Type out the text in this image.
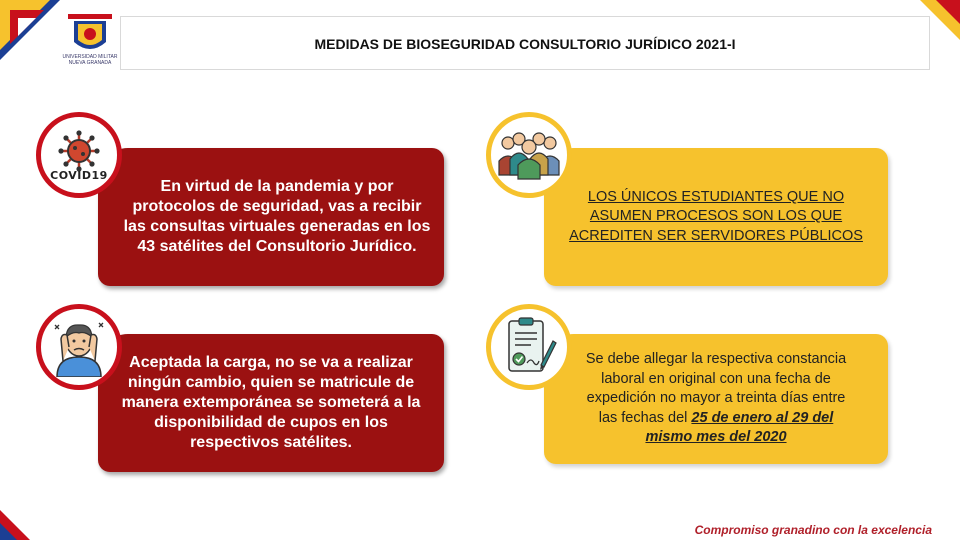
UNIVERSIDAD MILITAR
NUEVA GRANADA
MEDIDAS DE BIOSEGURIDAD CONSULTORIO JURÍDICO 2021-I
En virtud de la pandemia y por protocolos de seguridad, vas a recibir las consultas virtuales generadas en los 43 satélites del Consultorio Jurídico.
COVID19
LOS ÚNICOS ESTUDIANTES QUE NO ASUMEN PROCESOS SON LOS QUE ACREDITEN SER SERVIDORES PÚBLICOS
Aceptada la carga, no se va a realizar ningún cambio, quien se matricule de manera extemporánea se someterá a la disponibilidad de cupos en los respectivos satélites.
Se debe allegar la respectiva constancia laboral en original con una fecha de expedición no mayor a treinta días entre las fechas del 25 de enero al 29 del mismo mes del 2020
Compromiso granadino con la excelencia
